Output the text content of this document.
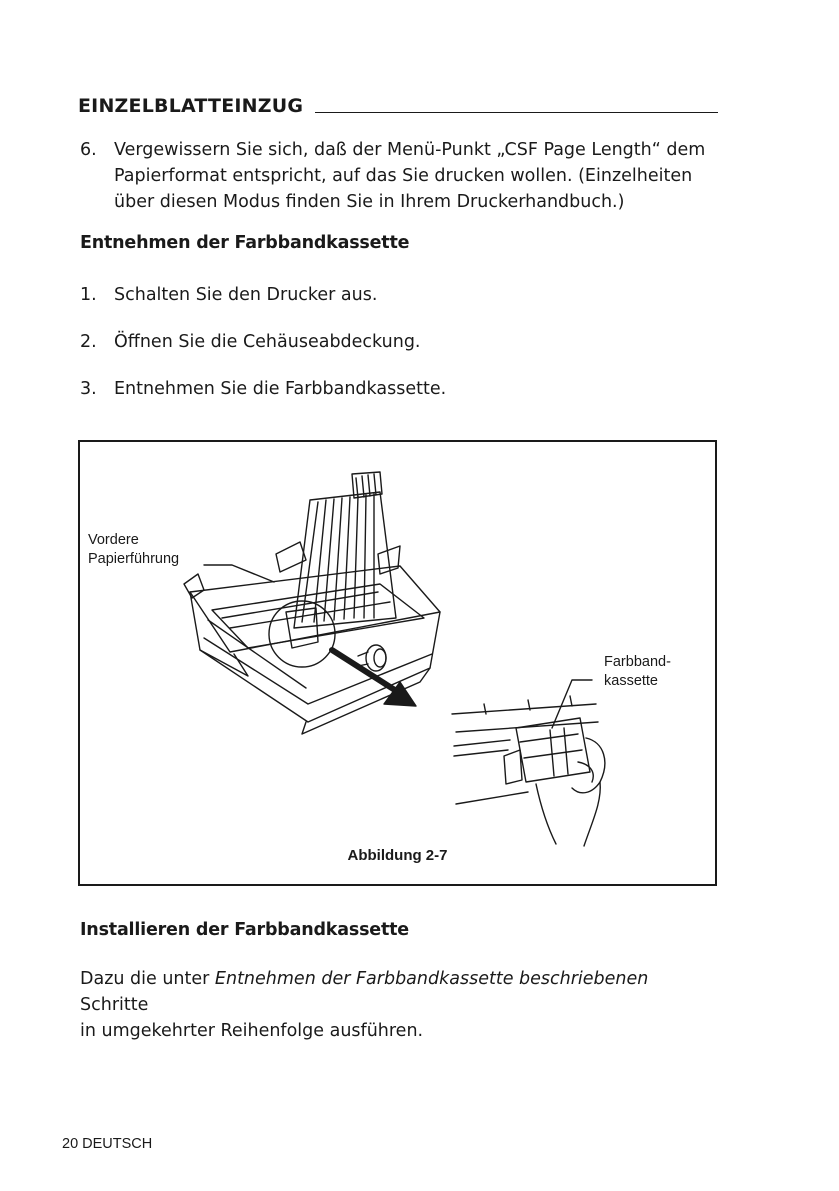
EINZELBLATTEINZUG
6. Vergewissern Sie sich, daß der Menü-Punkt „CSF Page Length“ dem
Papierformat entspricht, auf das Sie drucken wollen. (Einzelheiten
über diesen Modus finden Sie in Ihrem Druckerhandbuch.)
Entnehmen der Farbbandkassette
1. Schalten Sie den Drucker aus.
2. Öffnen Sie die Cehäuseabdeckung.
3. Entnehmen Sie die Farbbandkassette.
Vordere
Papierführung
Farbband-
kassette
Abbildung 2-7
Installieren der Farbbandkassette
Dazu die unter Entnehmen der Farbbandkassette beschriebenen Schritte
in umgekehrter Reihenfolge ausführen.
20 DEUTSCH
